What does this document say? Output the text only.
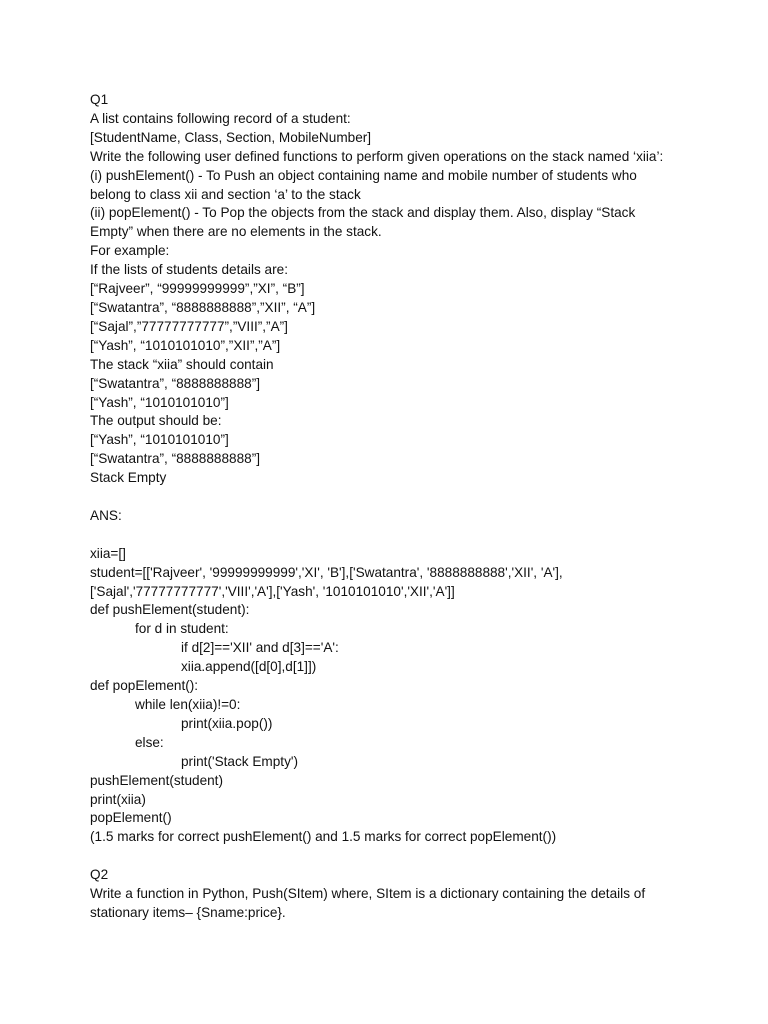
Q1
A list contains following record of a student:
[StudentName, Class, Section, MobileNumber]
Write the following user defined functions to perform given operations on the stack named ‘xiia’:
(i) pushElement() - To Push an object containing name and mobile number of students who
belong to class xii and section ‘a’ to the stack
(ii) popElement() - To Pop the objects from the stack and display them. Also, display “Stack
Empty” when there are no elements in the stack.
For example:
If the lists of students details are:
[“Rajveer”, “99999999999”,”XI”, “B”]
[“Swatantra”, “8888888888”,”XII”, “A”]
[“Sajal”,”77777777777”,”VIII”,”A”]
[“Yash”, “1010101010”,”XII”,”A”]
The stack “xiia” should contain
[“Swatantra”, “8888888888”]
[“Yash”, “1010101010”]
The output should be:
[“Yash”, “1010101010”]
[“Swatantra”, “8888888888”]
Stack Empty
ANS:
xiia=[]
student=[['Rajveer', '99999999999','XI', 'B'],['Swatantra', '8888888888','XII', 'A'],
['Sajal','77777777777','VIII','A'],['Yash', '1010101010','XII','A']]
def pushElement(student):
for d in student:
if d[2]=='XII' and d[3]=='A':
xiia.append([d[0],d[1]])
def popElement():
while len(xiia)!=0:
print(xiia.pop())
else:
print('Stack Empty')
pushElement(student)
print(xiia)
popElement()
(1.5 marks for correct pushElement() and 1.5 marks for correct popElement())
Q2
Write a function in Python, Push(SItem) where, SItem is a dictionary containing the details of
stationary items– {Sname:price}.
